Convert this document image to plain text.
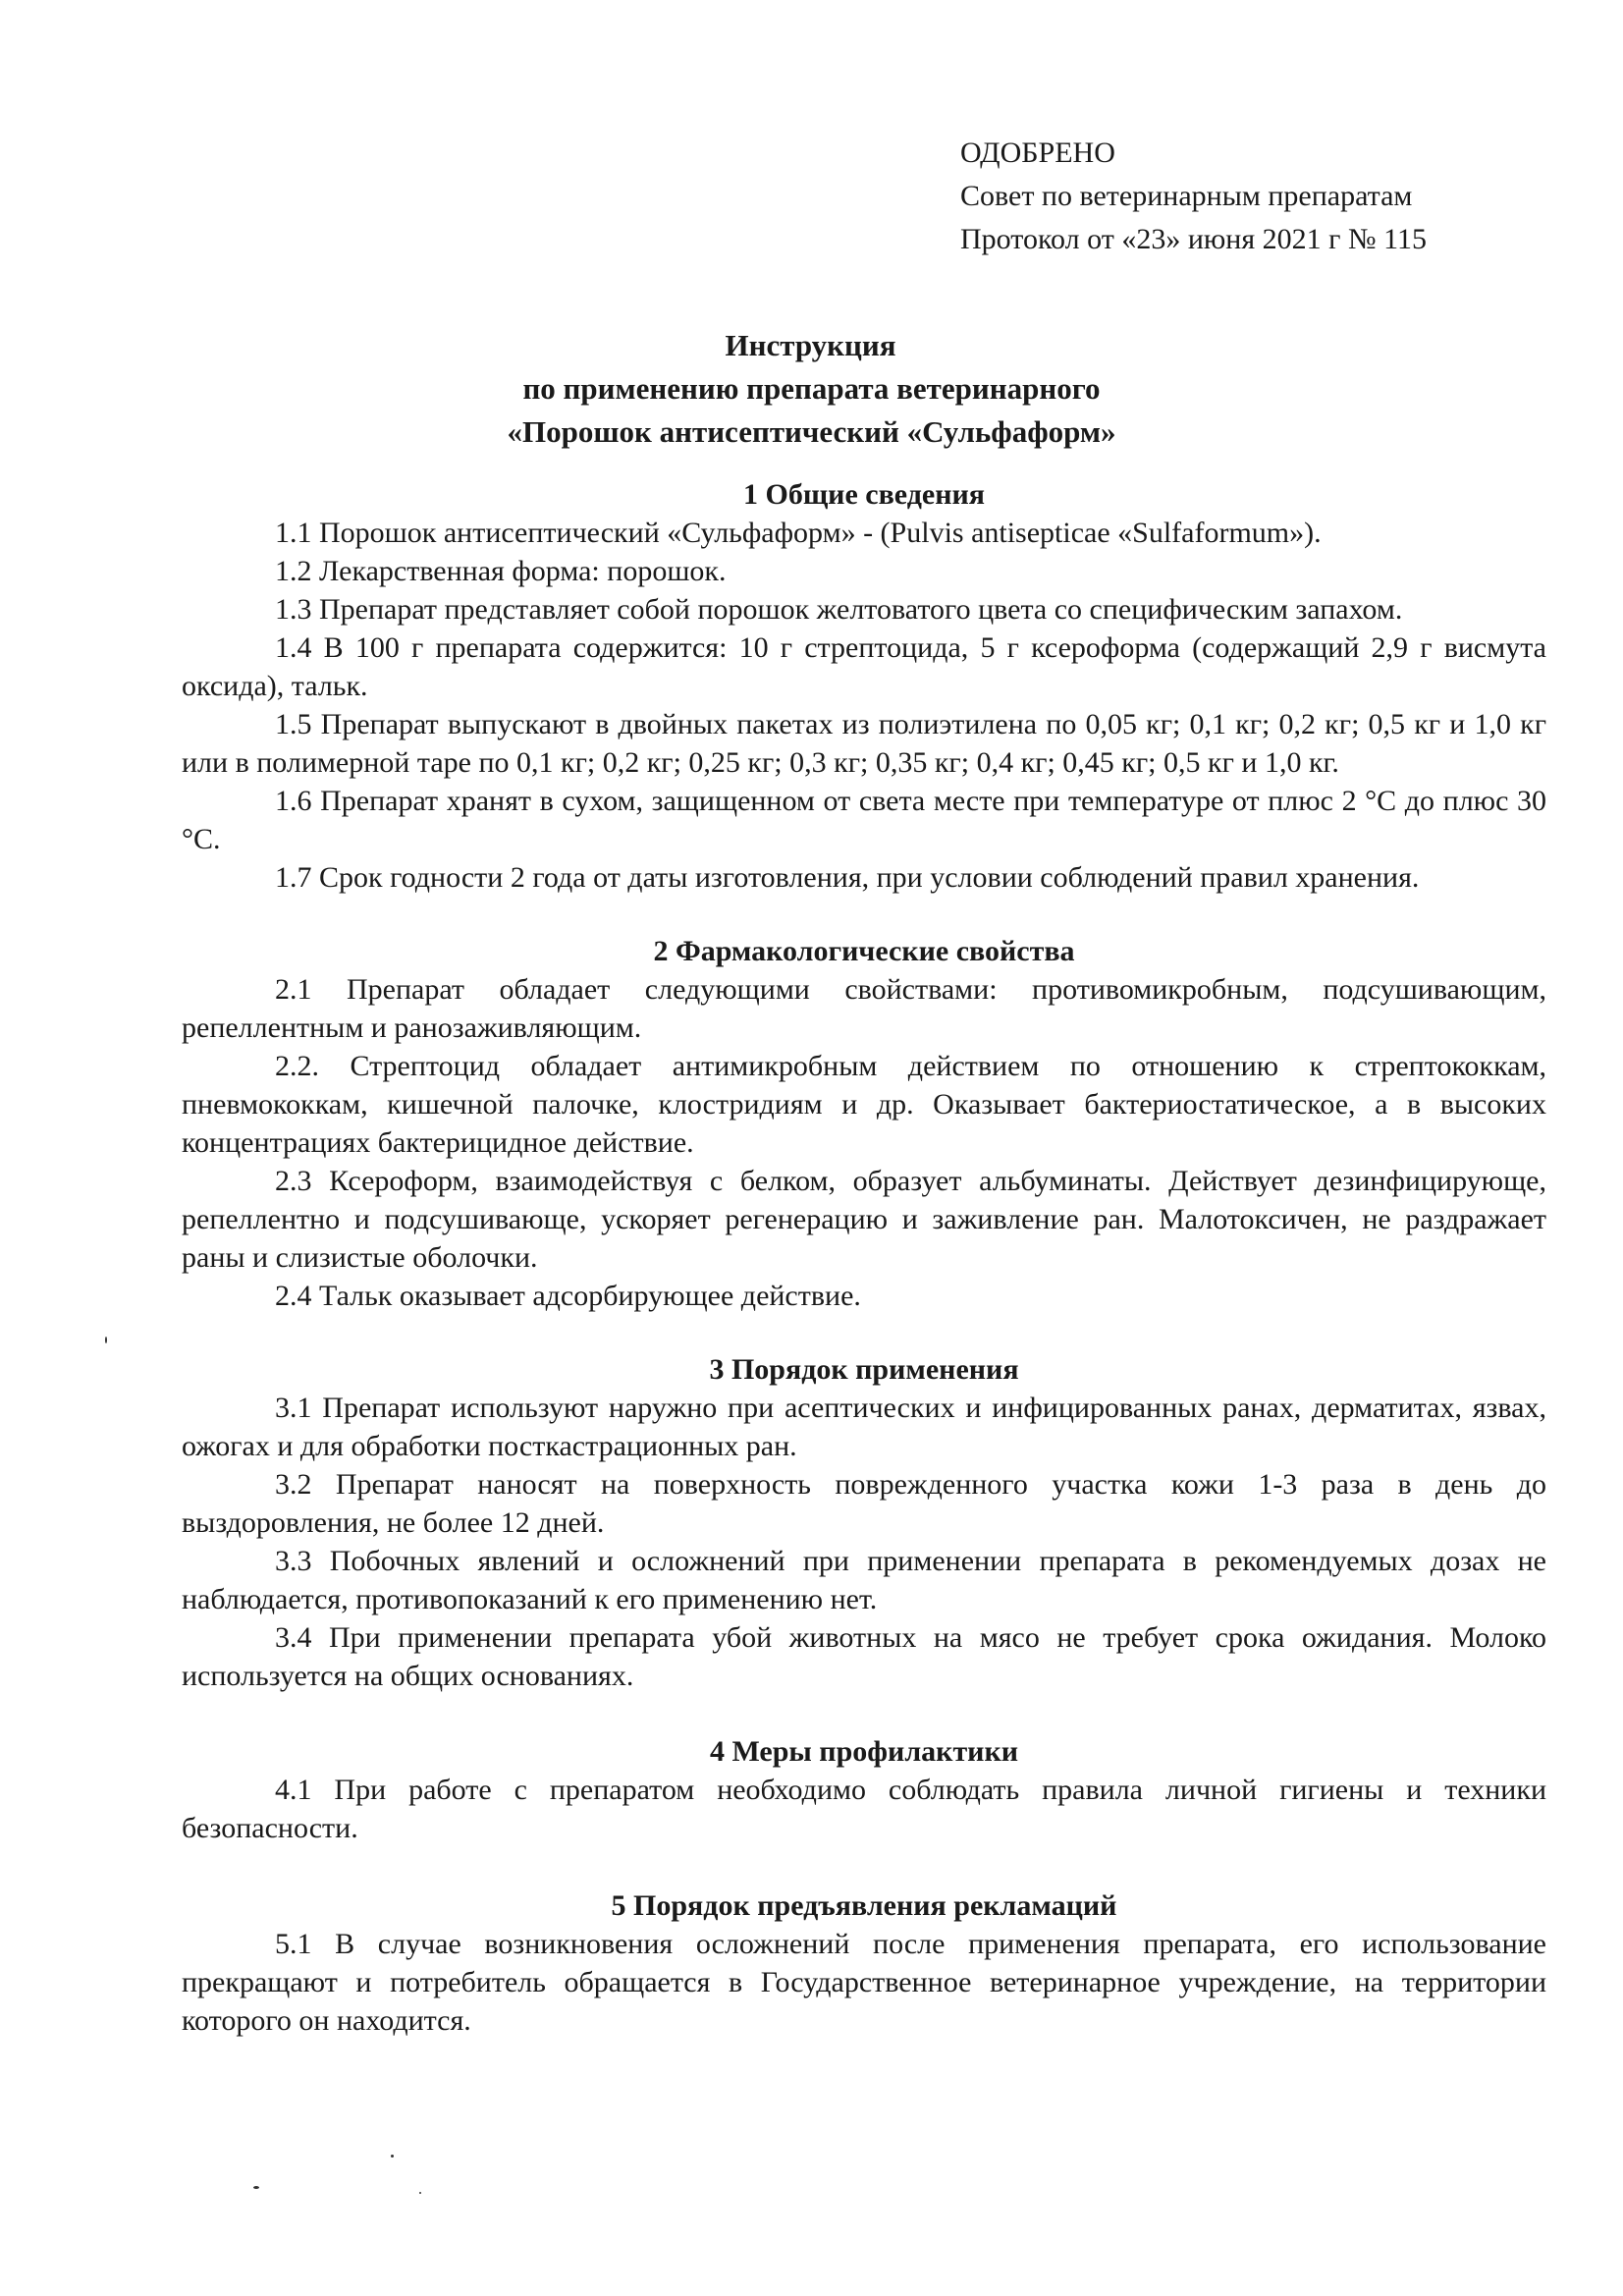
ОДОБРЕНО
Совет по ветеринарным препаратам
Протокол от «23» июня 2021 г № 115
Инструкция
по применению препарата ветеринарного
«Порошок антисептический «Сульфаформ»

1 Общие сведения

1.1 Порошок антисептический «Сульфаформ» - (Pulvis antisepticae «Sulfaformum»).

1.2 Лекарственная форма: порошок.

1.3 Препарат представляет собой порошок желтоватого цвета со специфическим запахом.

1.4 В 100 г препарата содержится: 10 г стрептоцида, 5 г ксероформа (содержащий 2,9 г висмута оксида), тальк.

1.5 Препарат выпускают в двойных пакетах из полиэтилена по 0,05 кг; 0,1 кг; 0,2 кг; 0,5 кг и 1,0 кг или в полимерной таре по 0,1 кг; 0,2 кг; 0,25 кг; 0,3 кг; 0,35 кг; 0,4 кг; 0,45 кг; 0,5 кг и 1,0 кг.

1.6 Препарат хранят в сухом, защищенном от света месте при температуре от плюс 2 °С до плюс 30 °С.

1.7 Срок годности 2 года от даты изготовления, при условии соблюдений правил хранения.

2 Фармакологические свойства

2.1 Препарат обладает следующими свойствами: противомикробным, подсушивающим, репеллентным и ранозаживляющим.

2.2. Стрептоцид обладает антимикробным действием по отношению к стрептококкам, пневмококкам, кишечной палочке, клостридиям и др. Оказывает бактериостатическое, а в высоких концентрациях бактерицидное действие.

2.3 Ксероформ, взаимодействуя с белком, образует альбуминаты. Действует дезинфицирующе, репеллентно и подсушивающе, ускоряет регенерацию и заживление ран. Малотоксичен, не раздражает раны и слизистые оболочки.

2.4 Тальк оказывает адсорбирующее действие.

3 Порядок применения

3.1 Препарат используют наружно при асептических и инфицированных ранах, дерматитах, язвах, ожогах и для обработки посткастрационных ран.

3.2 Препарат наносят на поверхность поврежденного участка кожи 1-3 раза в день до выздоровления, не более 12 дней.

3.3 Побочных явлений и осложнений при применении препарата в рекомендуемых дозах не наблюдается, противопоказаний к его применению нет.

3.4 При применении препарата убой животных на мясо не требует срока ожидания. Молоко используется на общих основаниях.

4 Меры профилактики

4.1 При работе с препаратом необходимо соблюдать правила личной гигиены и техники безопасности.

5 Порядок предъявления рекламаций

5.1 В случае возникновения осложнений после применения препарата, его использование прекращают и потребитель обращается в Государственное ветеринарное учреждение, на территории которого он находится.
